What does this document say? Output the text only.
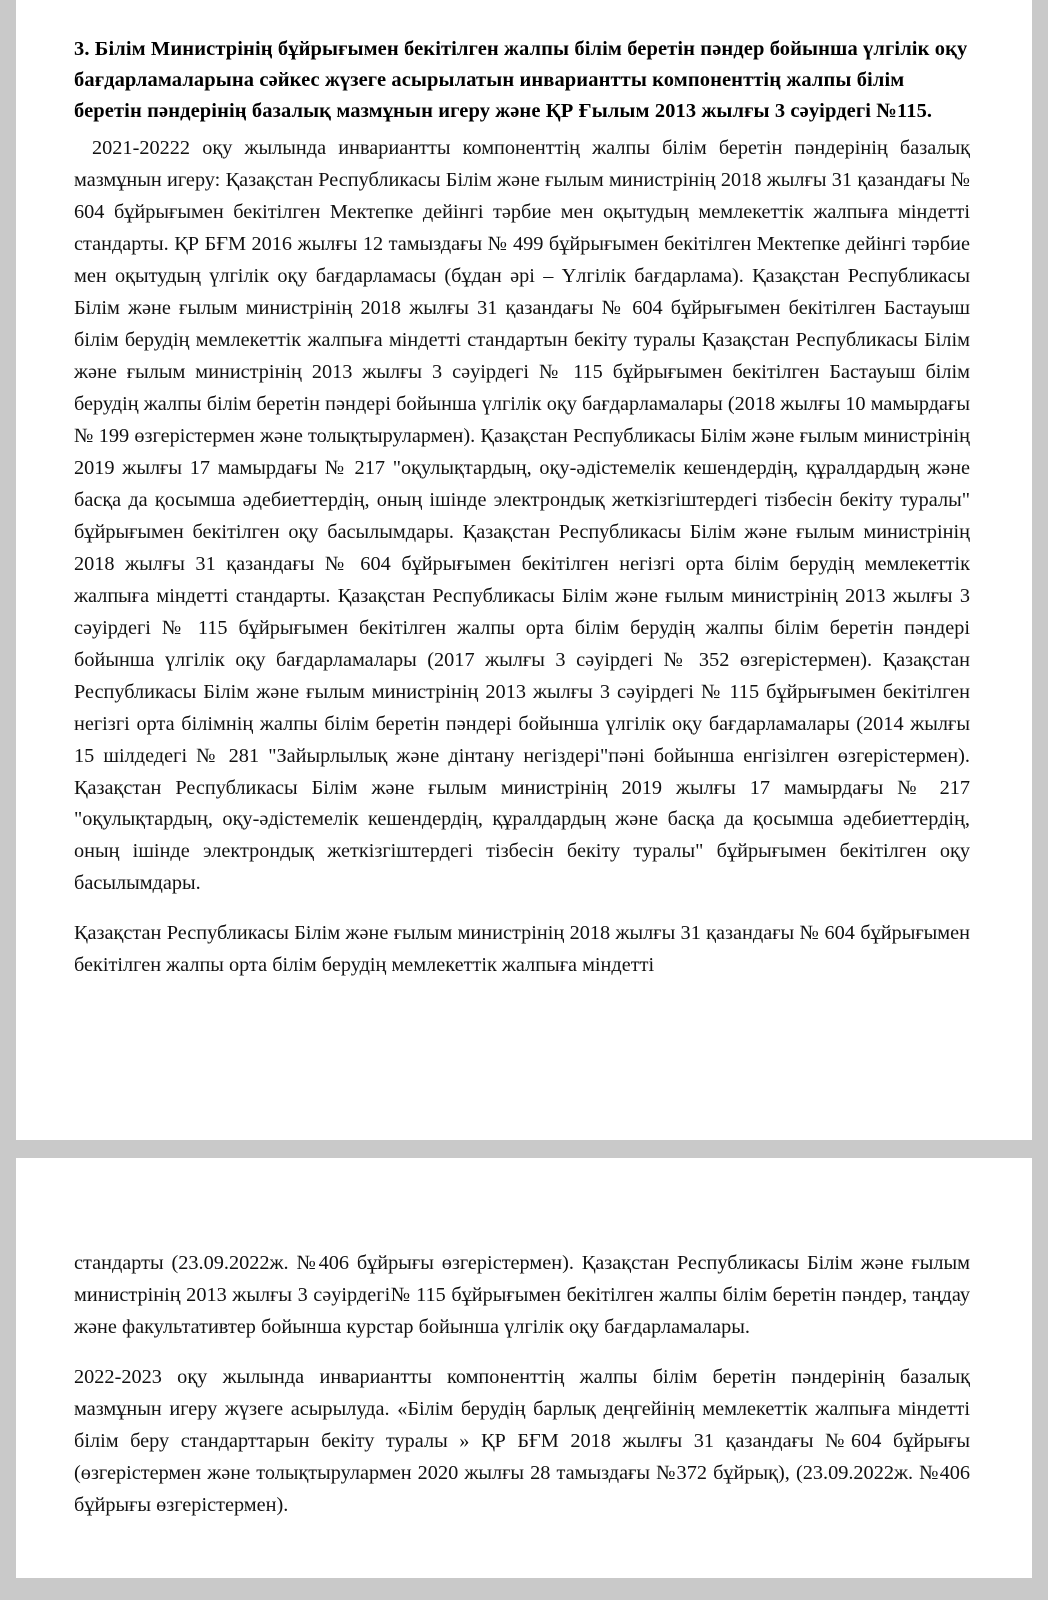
3. Білім Министрінің бұйрығымен бекітілген жалпы білім беретін пәндер бойынша үлгілік оқу бағдарламаларына сәйкес жүзеге асырылатын инвариантты компоненттің жалпы білім беретін пәндерінің базалық мазмұнын игеру және ҚР Ғылым 2013 жылғы 3 сәуірдегі №115.

2021-20222 оқу жылында инвариантты компоненттің жалпы білім беретін пәндерінің базалық мазмұнын игеру: Қазақстан Республикасы Білім және ғылым министрінің 2018 жылғы 31 қазандағы № 604 бұйрығымен бекітілген Мектепке дейінгі тәрбие мен оқытудың мемлекеттік жалпыға міндетті стандарты. ҚР БҒМ 2016 жылғы 12 тамыздағы № 499 бұйрығымен бекітілген Мектепке дейінгі тәрбие мен оқытудың үлгілік оқу бағдарламасы (бұдан әрі – Үлгілік бағдарлама). Қазақстан Республикасы Білім және ғылым министрінің 2018 жылғы 31 қазандағы № 604 бұйрығымен бекітілген Бастауыш білім берудің мемлекеттік жалпыға міндетті стандартын бекіту туралы Қазақстан Республикасы Білім және ғылым министрінің 2013 жылғы 3 сәуірдегі № 115 бұйрығымен бекітілген Бастауыш білім берудің жалпы білім беретін пәндері бойынша үлгілік оқу бағдарламалары (2018 жылғы 10 мамырдағы № 199 өзгерістермен және толықтырулармен). Қазақстан Республикасы Білім және ғылым министрінің 2019 жылғы 17 мамырдағы № 217 "оқулықтардың, оқу-әдістемелік кешендердің, құралдардың және басқа да қосымша әдебиеттердің, оның ішінде электрондық жеткізгіштердегі тізбесін бекіту туралы" бұйрығымен бекітілген оқу басылымдары. Қазақстан Республикасы Білім және ғылым министрінің 2018 жылғы 31 қазандағы № 604 бұйрығымен бекітілген негізгі орта білім берудің мемлекеттік жалпыға міндетті стандарты. Қазақстан Республикасы Білім және ғылым министрінің 2013 жылғы 3 сәуірдегі № 115 бұйрығымен бекітілген жалпы орта білім берудің жалпы білім беретін пәндері бойынша үлгілік оқу бағдарламалары (2017 жылғы 3 сәуірдегі № 352 өзгерістермен). Қазақстан Республикасы Білім және ғылым министрінің 2013 жылғы 3 сәуірдегі № 115 бұйрығымен бекітілген негізгі орта білімнің жалпы білім беретін пәндері бойынша үлгілік оқу бағдарламалары (2014 жылғы 15 шілдедегі № 281 "Зайырлылық және дінтану негіздері"пәні бойынша енгізілген өзгерістермен). Қазақстан Республикасы Білім және ғылым министрінің 2019 жылғы 17 мамырдағы № 217 "оқулықтардың, оқу-әдістемелік кешендердің, құралдардың және басқа да қосымша әдебиеттердің, оның ішінде электрондық жеткізгіштердегі тізбесін бекіту туралы" бұйрығымен бекітілген оқу басылымдары.

Қазақстан Республикасы Білім және ғылым министрінің 2018 жылғы 31 қазандағы № 604 бұйрығымен бекітілген жалпы орта білім берудің мемлекеттік жалпыға міндетті

стандарты (23.09.2022ж. №406 бұйрығы өзгерістермен). Қазақстан Республикасы Білім және ғылым министрінің 2013 жылғы 3 сәуірдегі№ 115 бұйрығымен бекітілген жалпы білім беретін пәндер, таңдау және факультативтер бойынша курстар бойынша үлгілік оқу бағдарламалары.

2022-2023 оқу жылында инвариантты компоненттің жалпы білім беретін пәндерінің базалық мазмұнын игеру жүзеге асырылуда. «Білім берудің барлық деңгейінің мемлекеттік жалпыға міндетті білім беру стандарттарын бекіту туралы » ҚР БҒМ 2018 жылғы 31 қазандағы №604 бұйрығы (өзгерістермен және толықтырулармен 2020 жылғы 28 тамыздағы №372 бұйрық), (23.09.2022ж. №406 бұйрығы өзгерістермен).
